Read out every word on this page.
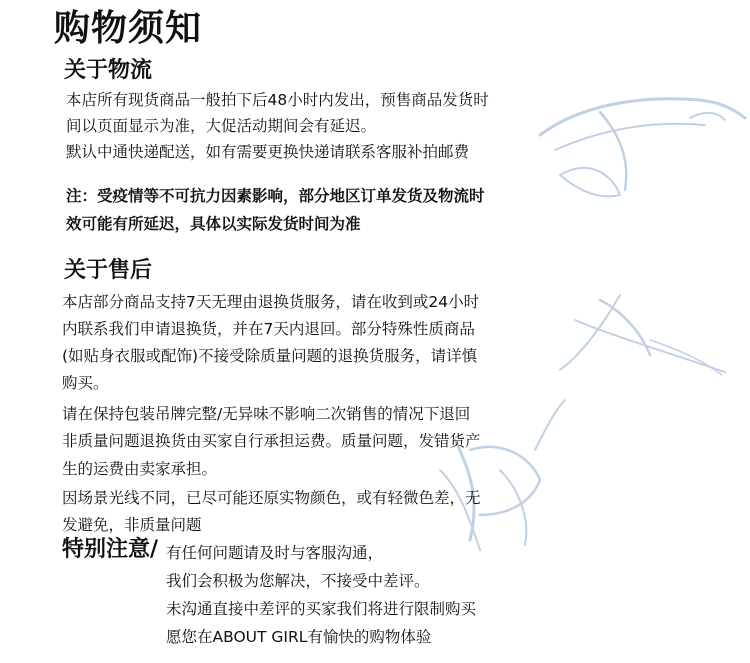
购物须知
关于物流
本店所有现货商品一般拍下后48小时内发出，预售商品发货时
间以页面显示为准，大促活动期间会有延迟。
默认中通快递配送，如有需要更换快递请联系客服补拍邮费
注：受疫情等不可抗力因素影响，部分地区订单发货及物流时
效可能有所延迟，具体以实际发货时间为准
关于售后
本店部分商品支持7天无理由退换货服务，请在收到或24小时
内联系我们申请退换货，并在7天内退回。部分特殊性质商品
(如贴身衣服或配饰)不接受除质量问题的退换货服务，请详慎
购买。
请在保持包装吊牌完整/无异味不影响二次销售的情况下退回
非质量问题退换货由买家自行承担运费。质量问题，发错货产
生的运费由卖家承担。
因场景光线不同，已尽可能还原实物颜色，或有轻微色差，无
发避免，非质量问题
特别注意/ 有任何问题请及时与客服沟通，
我们会积极为您解决，不接受中差评。
未沟通直接中差评的买家我们将进行限制购买
愿您在ABOUT GIRL有愉快的购物体验
